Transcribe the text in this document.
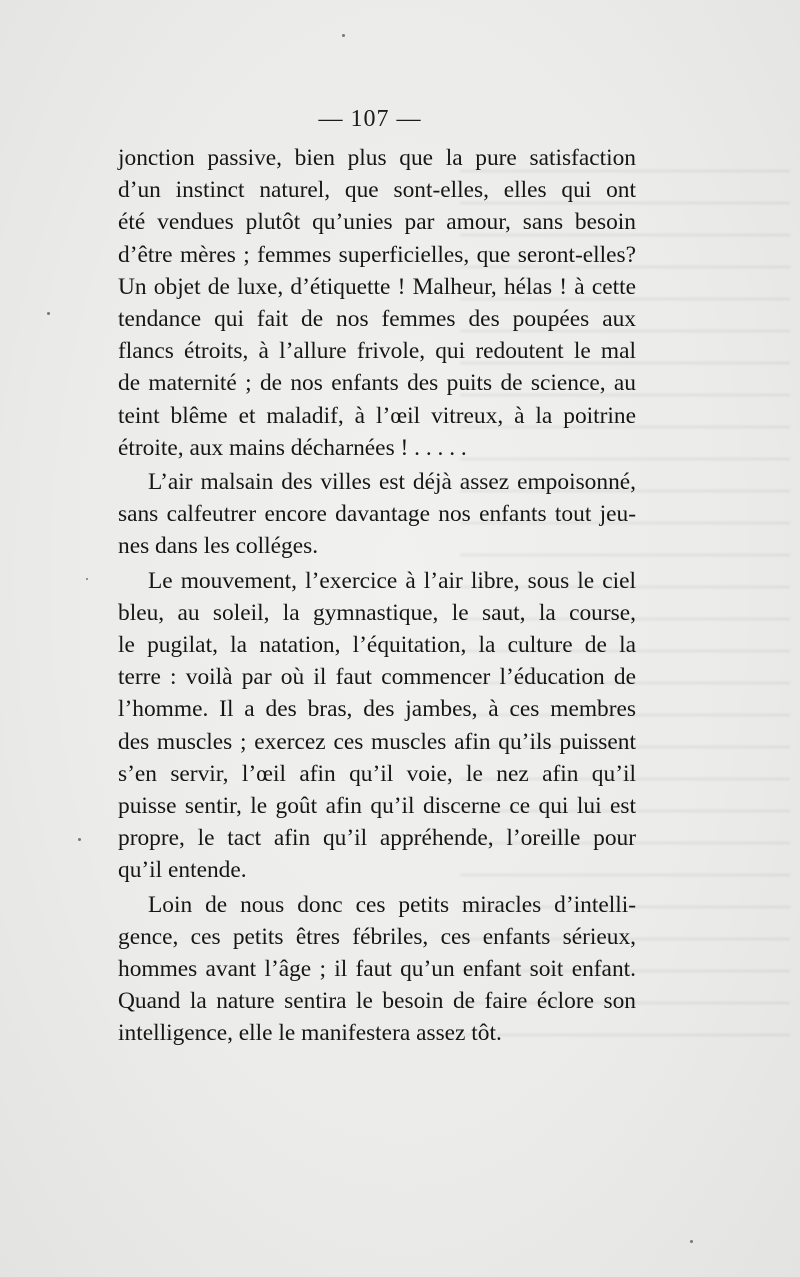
— 107 —
jonction passive, bien plus que la pure satisfaction
d’un instinct naturel, que sont-elles, elles qui ont
été vendues plutôt qu’unies par amour, sans besoin
d’être mères ; femmes superficielles, que seront-elles?
Un objet de luxe, d’étiquette ! Malheur, hélas ! à cette
tendance qui fait de nos femmes des poupées aux
flancs étroits, à l’allure frivole, qui redoutent le mal
de maternité ; de nos enfants des puits de science, au
teint blême et maladif, à l’œil vitreux, à la poitrine
étroite, aux mains décharnées ! . . . . .
L’air malsain des villes est déjà assez empoisonné,
sans calfeutrer encore davantage nos enfants tout jeu-
nes dans les colléges.
Le mouvement, l’exercice à l’air libre, sous le ciel
bleu, au soleil, la gymnastique, le saut, la course,
le pugilat, la natation, l’équitation, la culture de la
terre : voilà par où il faut commencer l’éducation de
l’homme. Il a des bras, des jambes, à ces membres
des muscles ; exercez ces muscles afin qu’ils puissent
s’en servir, l’œil afin qu’il voie, le nez afin qu’il
puisse sentir, le goût afin qu’il discerne ce qui lui est
propre, le tact afin qu’il appréhende, l’oreille pour
qu’il entende.
Loin de nous donc ces petits miracles d’intelli-
gence, ces petits êtres fébriles, ces enfants sérieux,
hommes avant l’âge ; il faut qu’un enfant soit enfant.
Quand la nature sentira le besoin de faire éclore son
intelligence, elle le manifestera assez tôt.
